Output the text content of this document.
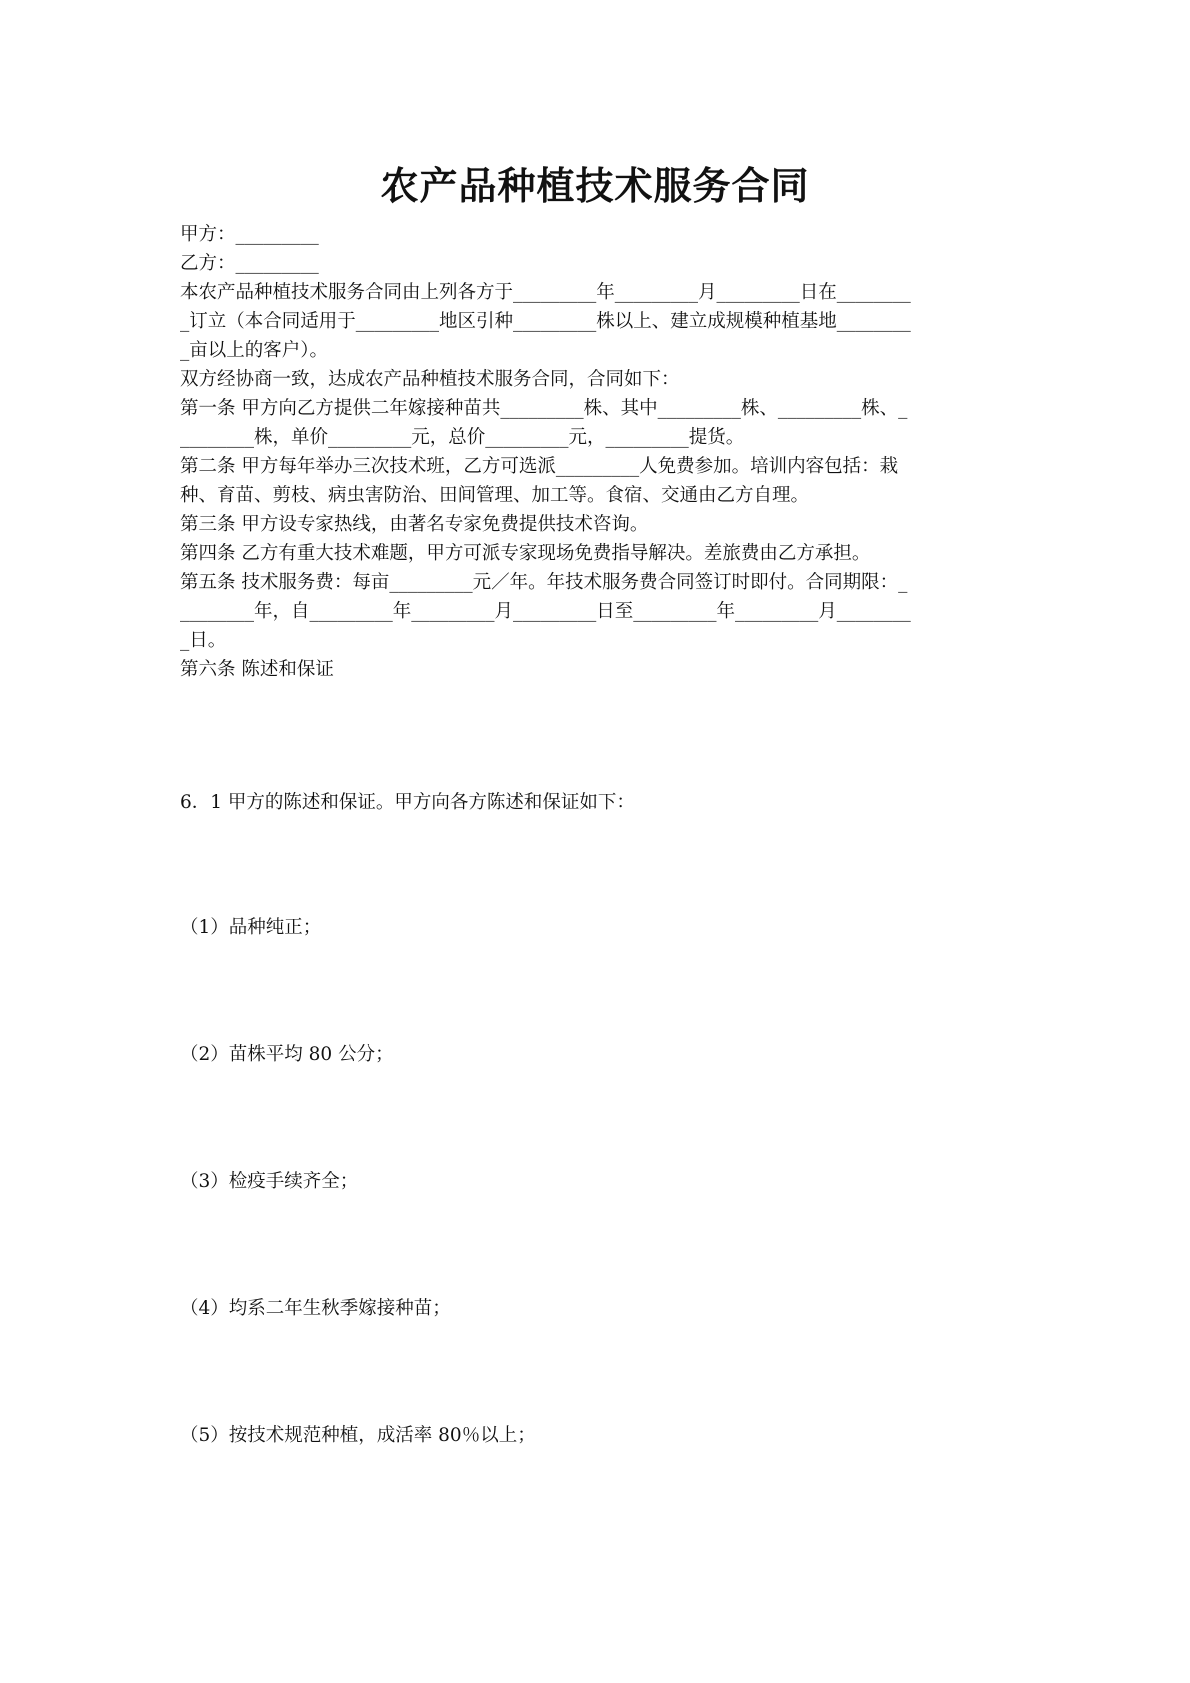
农产品种植技术服务合同
甲方：_________
乙方：_________
本农产品种植技术服务合同由上列各方于_________年_________月_________日在________
_订立（本合同适用于_________地区引种_________株以上、建立成规模种植基地________
_亩以上的客户）。
双方经协商一致，达成农产品种植技术服务合同，合同如下：
第一条 甲方向乙方提供二年嫁接种苗共_________株、其中_________株、_________株、_
________株，单价_________元，总价_________元，_________提货。
第二条 甲方每年举办三次技术班，乙方可选派_________人免费参加。培训内容包括：栽
种、育苗、剪枝、病虫害防治、田间管理、加工等。食宿、交通由乙方自理。
第三条 甲方设专家热线，由著名专家免费提供技术咨询。
第四条 乙方有重大技术难题，甲方可派专家现场免费指导解决。差旅费由乙方承担。
第五条 技术服务费：每亩_________元／年。年技术服务费合同签订时即付。合同期限：_
________年，自_________年_________月_________日至_________年_________月________
_日。
第六条 陈述和保证
6．1 甲方的陈述和保证。甲方向各方陈述和保证如下：
（1）品种纯正；
（2）苗株平均 80 公分；
（3）检疫手续齐全；
（4）均系二年生秋季嫁接种苗；
（5）按技术规范种植，成活率 80％以上；
